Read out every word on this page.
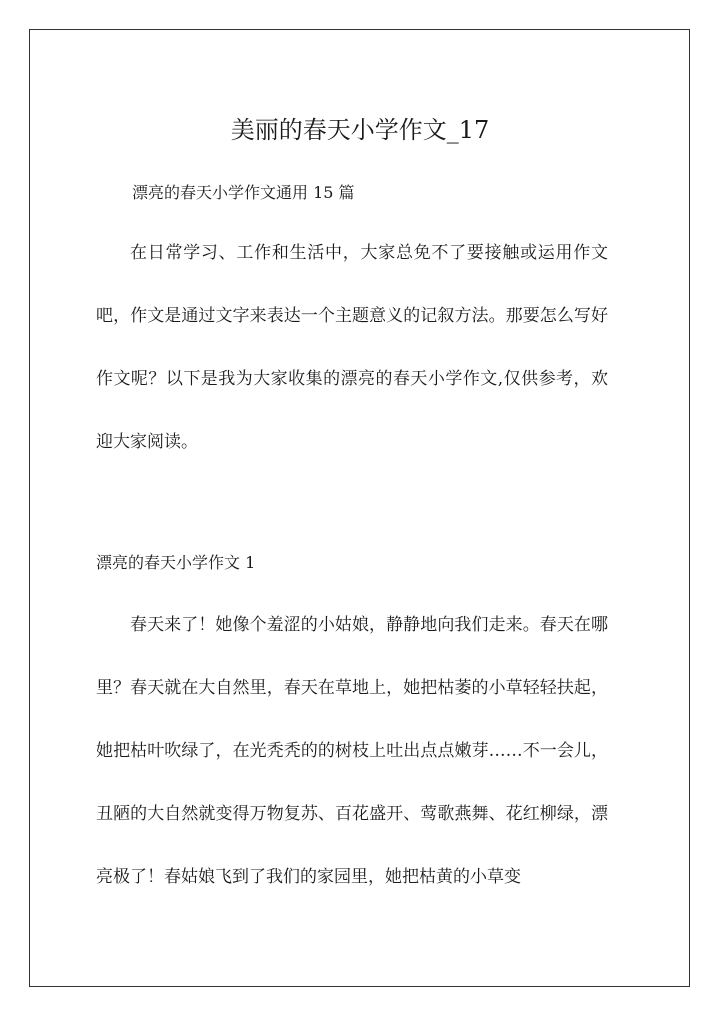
美丽的春天小学作文_17

漂亮的春天小学作文通用 15 篇

在日常学习、工作和生活中，大家总免不了要接触或运用作文吧，作文是通过文字来表达一个主题意义的记叙方法。那要怎么写好作文呢？以下是我为大家收集的漂亮的春天小学作文,仅供参考，欢迎大家阅读。

漂亮的春天小学作文 1

春天来了！她像个羞涩的小姑娘，静静地向我们走来。春天在哪里？春天就在大自然里，春天在草地上，她把枯萎的小草轻轻扶起，她把枯叶吹绿了，在光秃秃的的树枝上吐出点点嫩芽……不一会儿，丑陋的大自然就变得万物复苏、百花盛开、莺歌燕舞、花红柳绿，漂亮极了！春姑娘飞到了我们的家园里，她把枯黄的小草变
